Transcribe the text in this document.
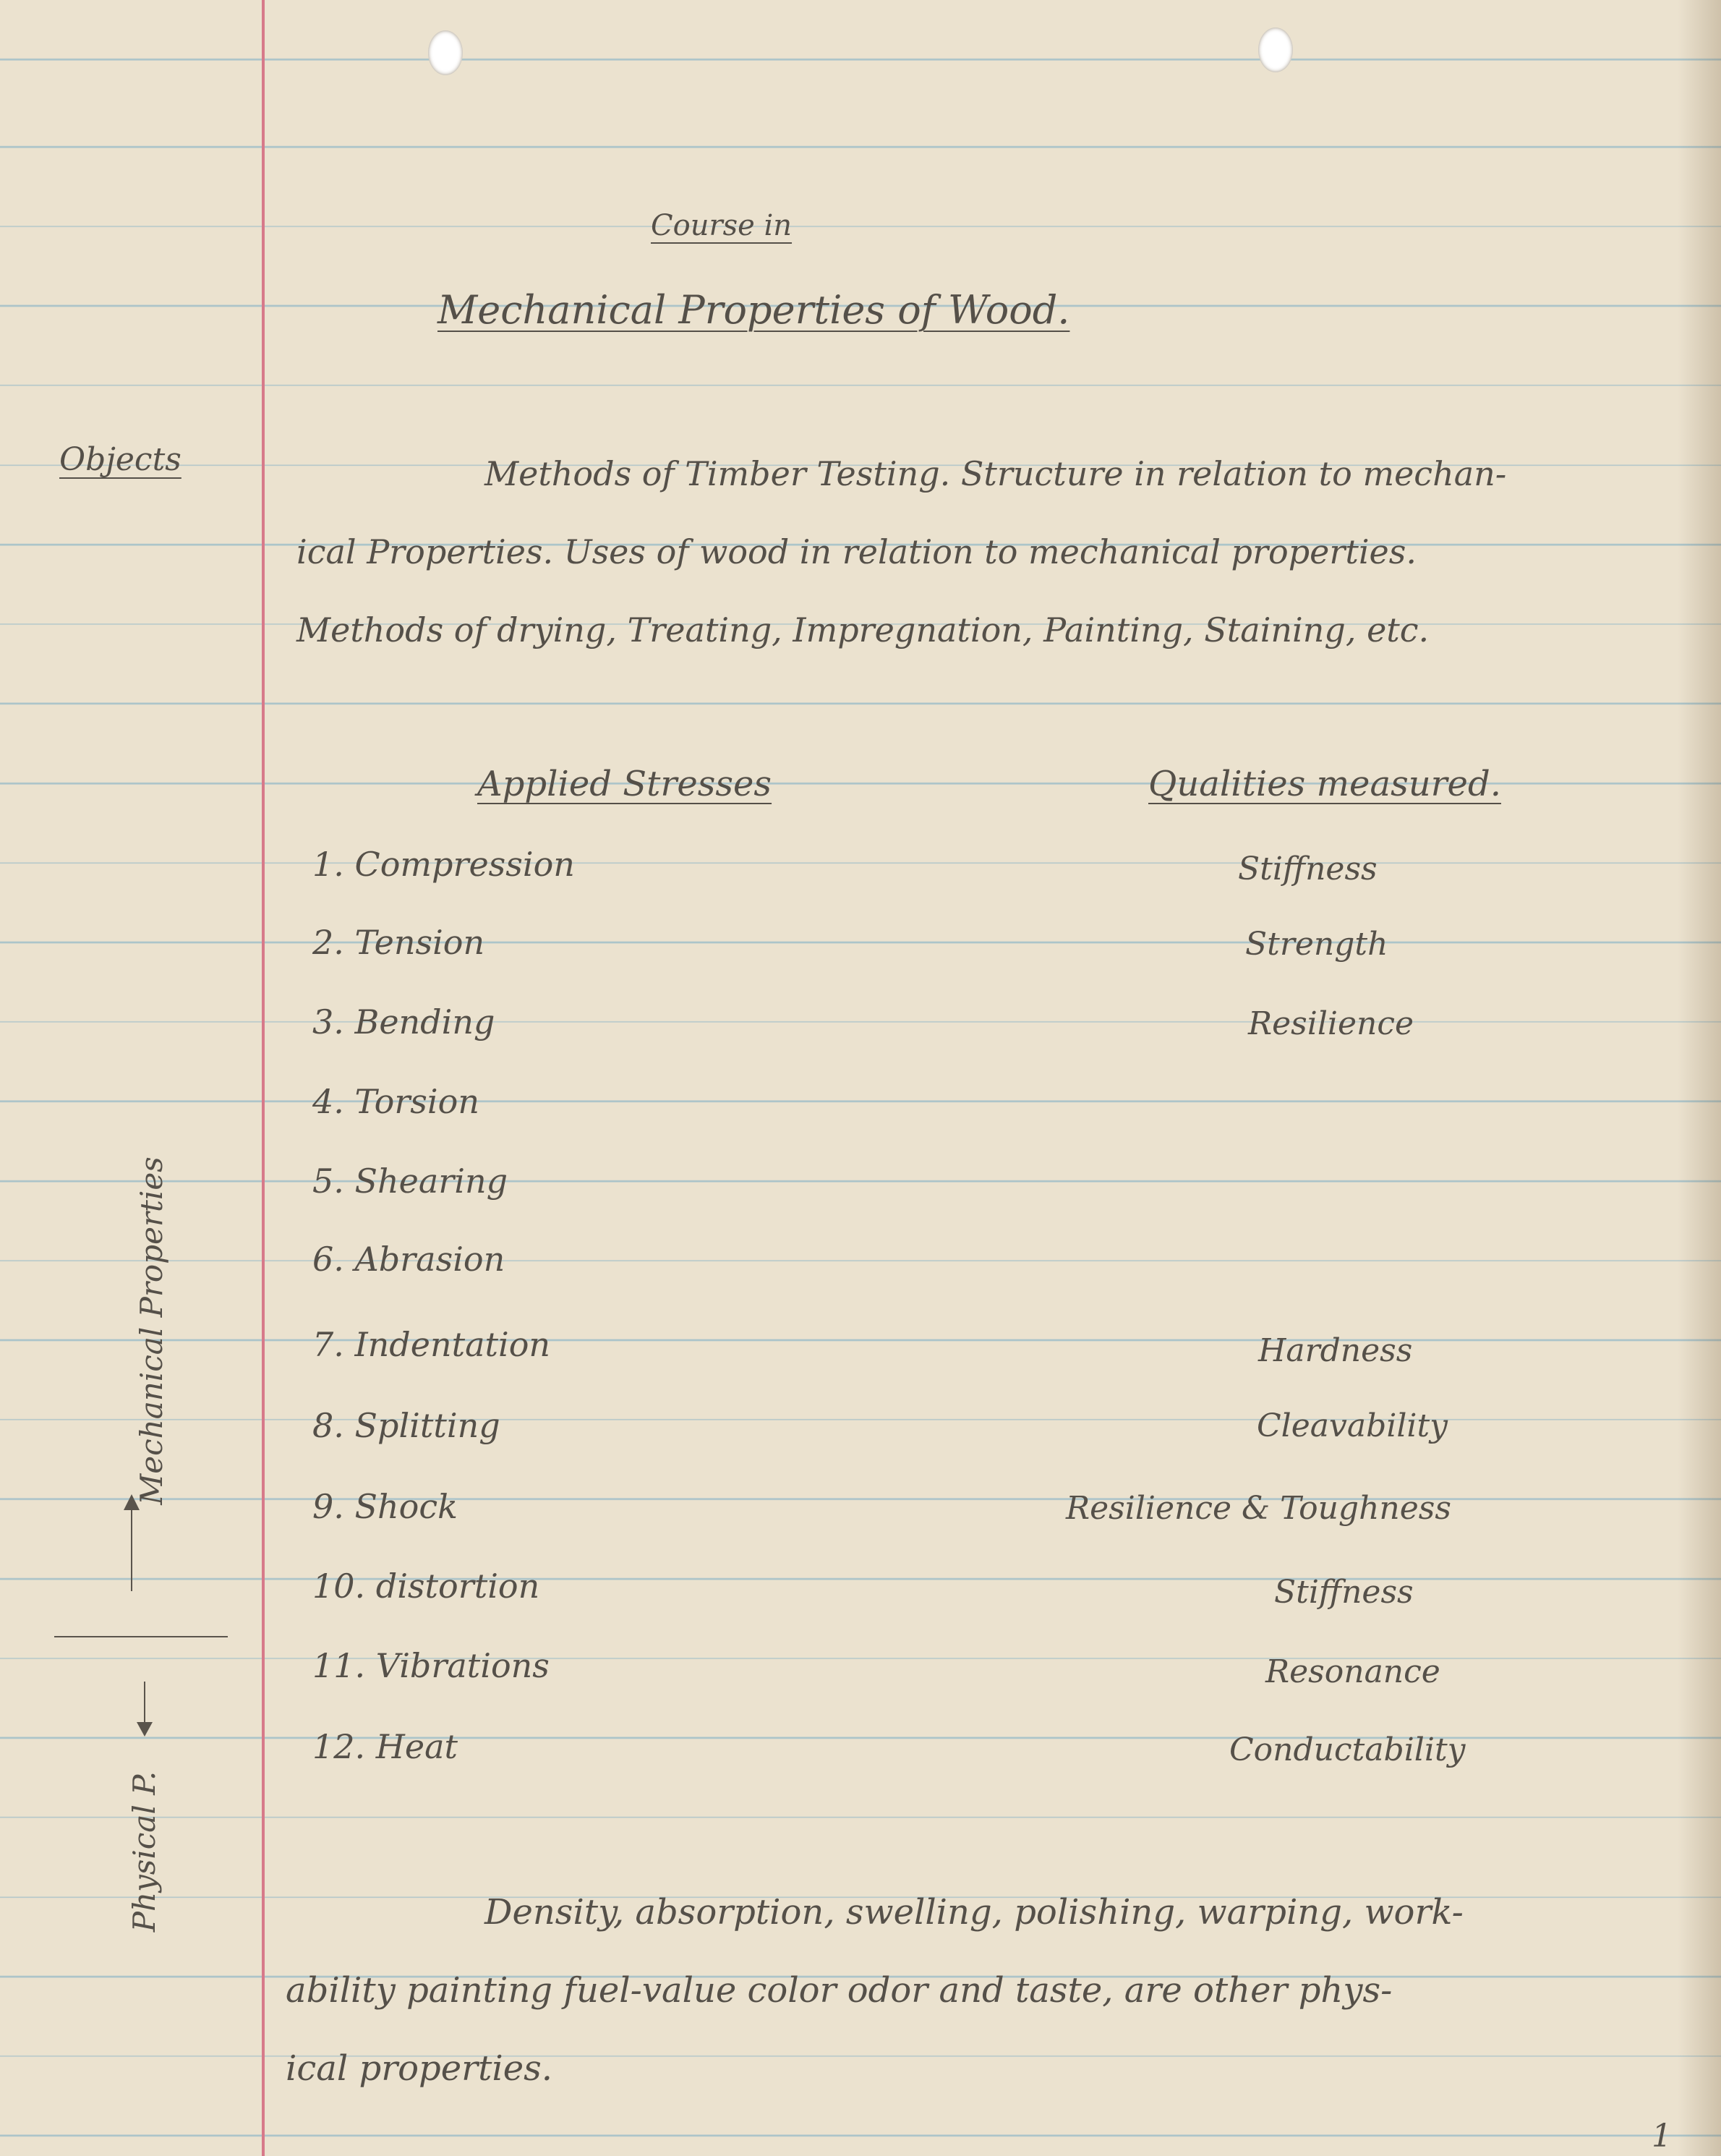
Course in
Mechanical Properties of Wood.
Objects	Methods of Timber Testing. Structure in relation to mechan-
ical Properties. Uses of wood in relation to mechanical properties.
Methods of drying, Treating, Impregnation, Painting, Staining, etc.
Applied Stresses	Qualities measured.
1. Compression	Stiffness
2. Tension	Strength
3. Bending	Resilience
4. Torsion
5. Shearing
6. Abrasion
7. Indentation	Hardness
8. Splitting	Cleavability
9. Shock	Resilience & Toughness
10. distortion	Stiffness
11. Vibrations	Resonance
12. Heat	Conductability
Mechanical Properties
Physical P.	Density, absorption, swelling, polishing, warping, work-
ability painting fuel-value color odor and taste, are other phys-
ical properties.
1
